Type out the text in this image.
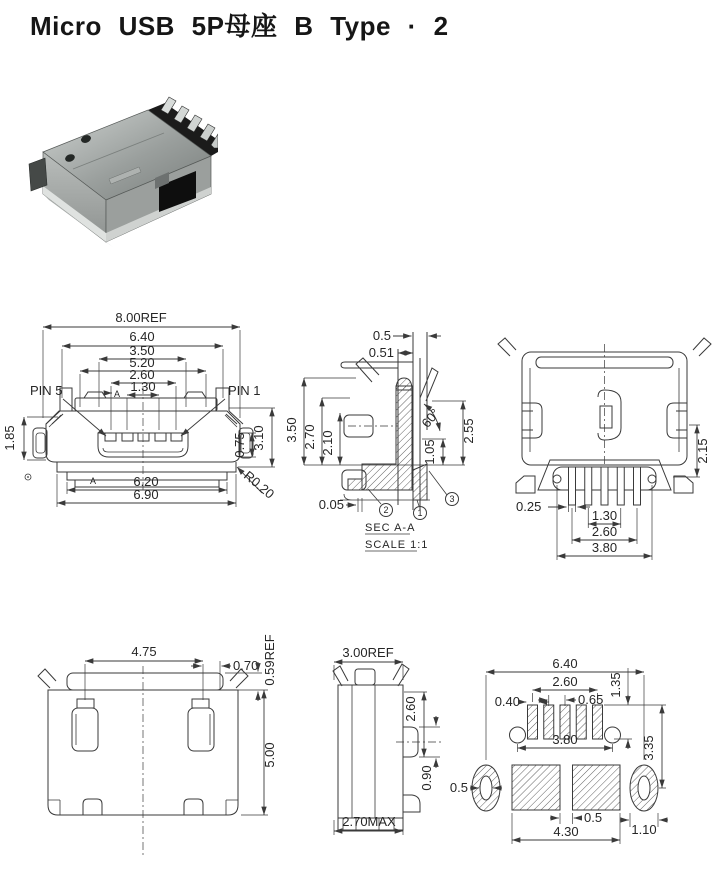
Micro USB 5P母座 B Type · 2
8.00REF
6.40
3.50
5.20
2.60
1.30
A
PIN 5	PIN 1
1.85	0.75 3.10
R0.20
A	6.20
6.90
0.5
0.51
3.50 2.70 2.10
60°
2.55
1.05
0.05	2	1
3
SEC A-A
SCALE 1:1
2.15
0.25
1.30
2.60
3.80
4.75
0.70 0.59REF
5.00
3.00REF
2.60
0.90
2.70MAX
6.40
2.60
0.65
0.40
1.35
3.80	3.35
0.5
0.5
4.30	1.10
